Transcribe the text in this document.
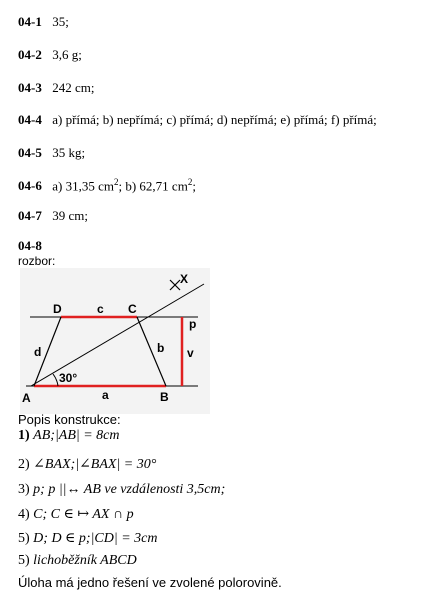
04-1 35;
04-2 3,6 g;
04-3 242 cm;
04-4 a) přímá; b) nepřímá; c) přímá; d) nepřímá; e) přímá; f) přímá;
04-5 35 kg;
04-6 a) 31,35 $cm^2$; b) 62,71 $cm^2$;
04-7 39 cm;
04-8
rozbor:
X
D	c C
p
d	b v
30°
A	a	B
Popis konstrukce:
1) AB;|AB| = 8cm
2) ∠BAX;|∠BAX| = 30°
3) p; p ||↔ AB ve vzdálenosti 3,5cm;
4) C; C ∈ ↦ AX ∩ p
5) D; D ∈ p;|CD| = 3cm
5) lichoběžník ABCD
Úloha má jedno řešení ve zvolené polorovině.
